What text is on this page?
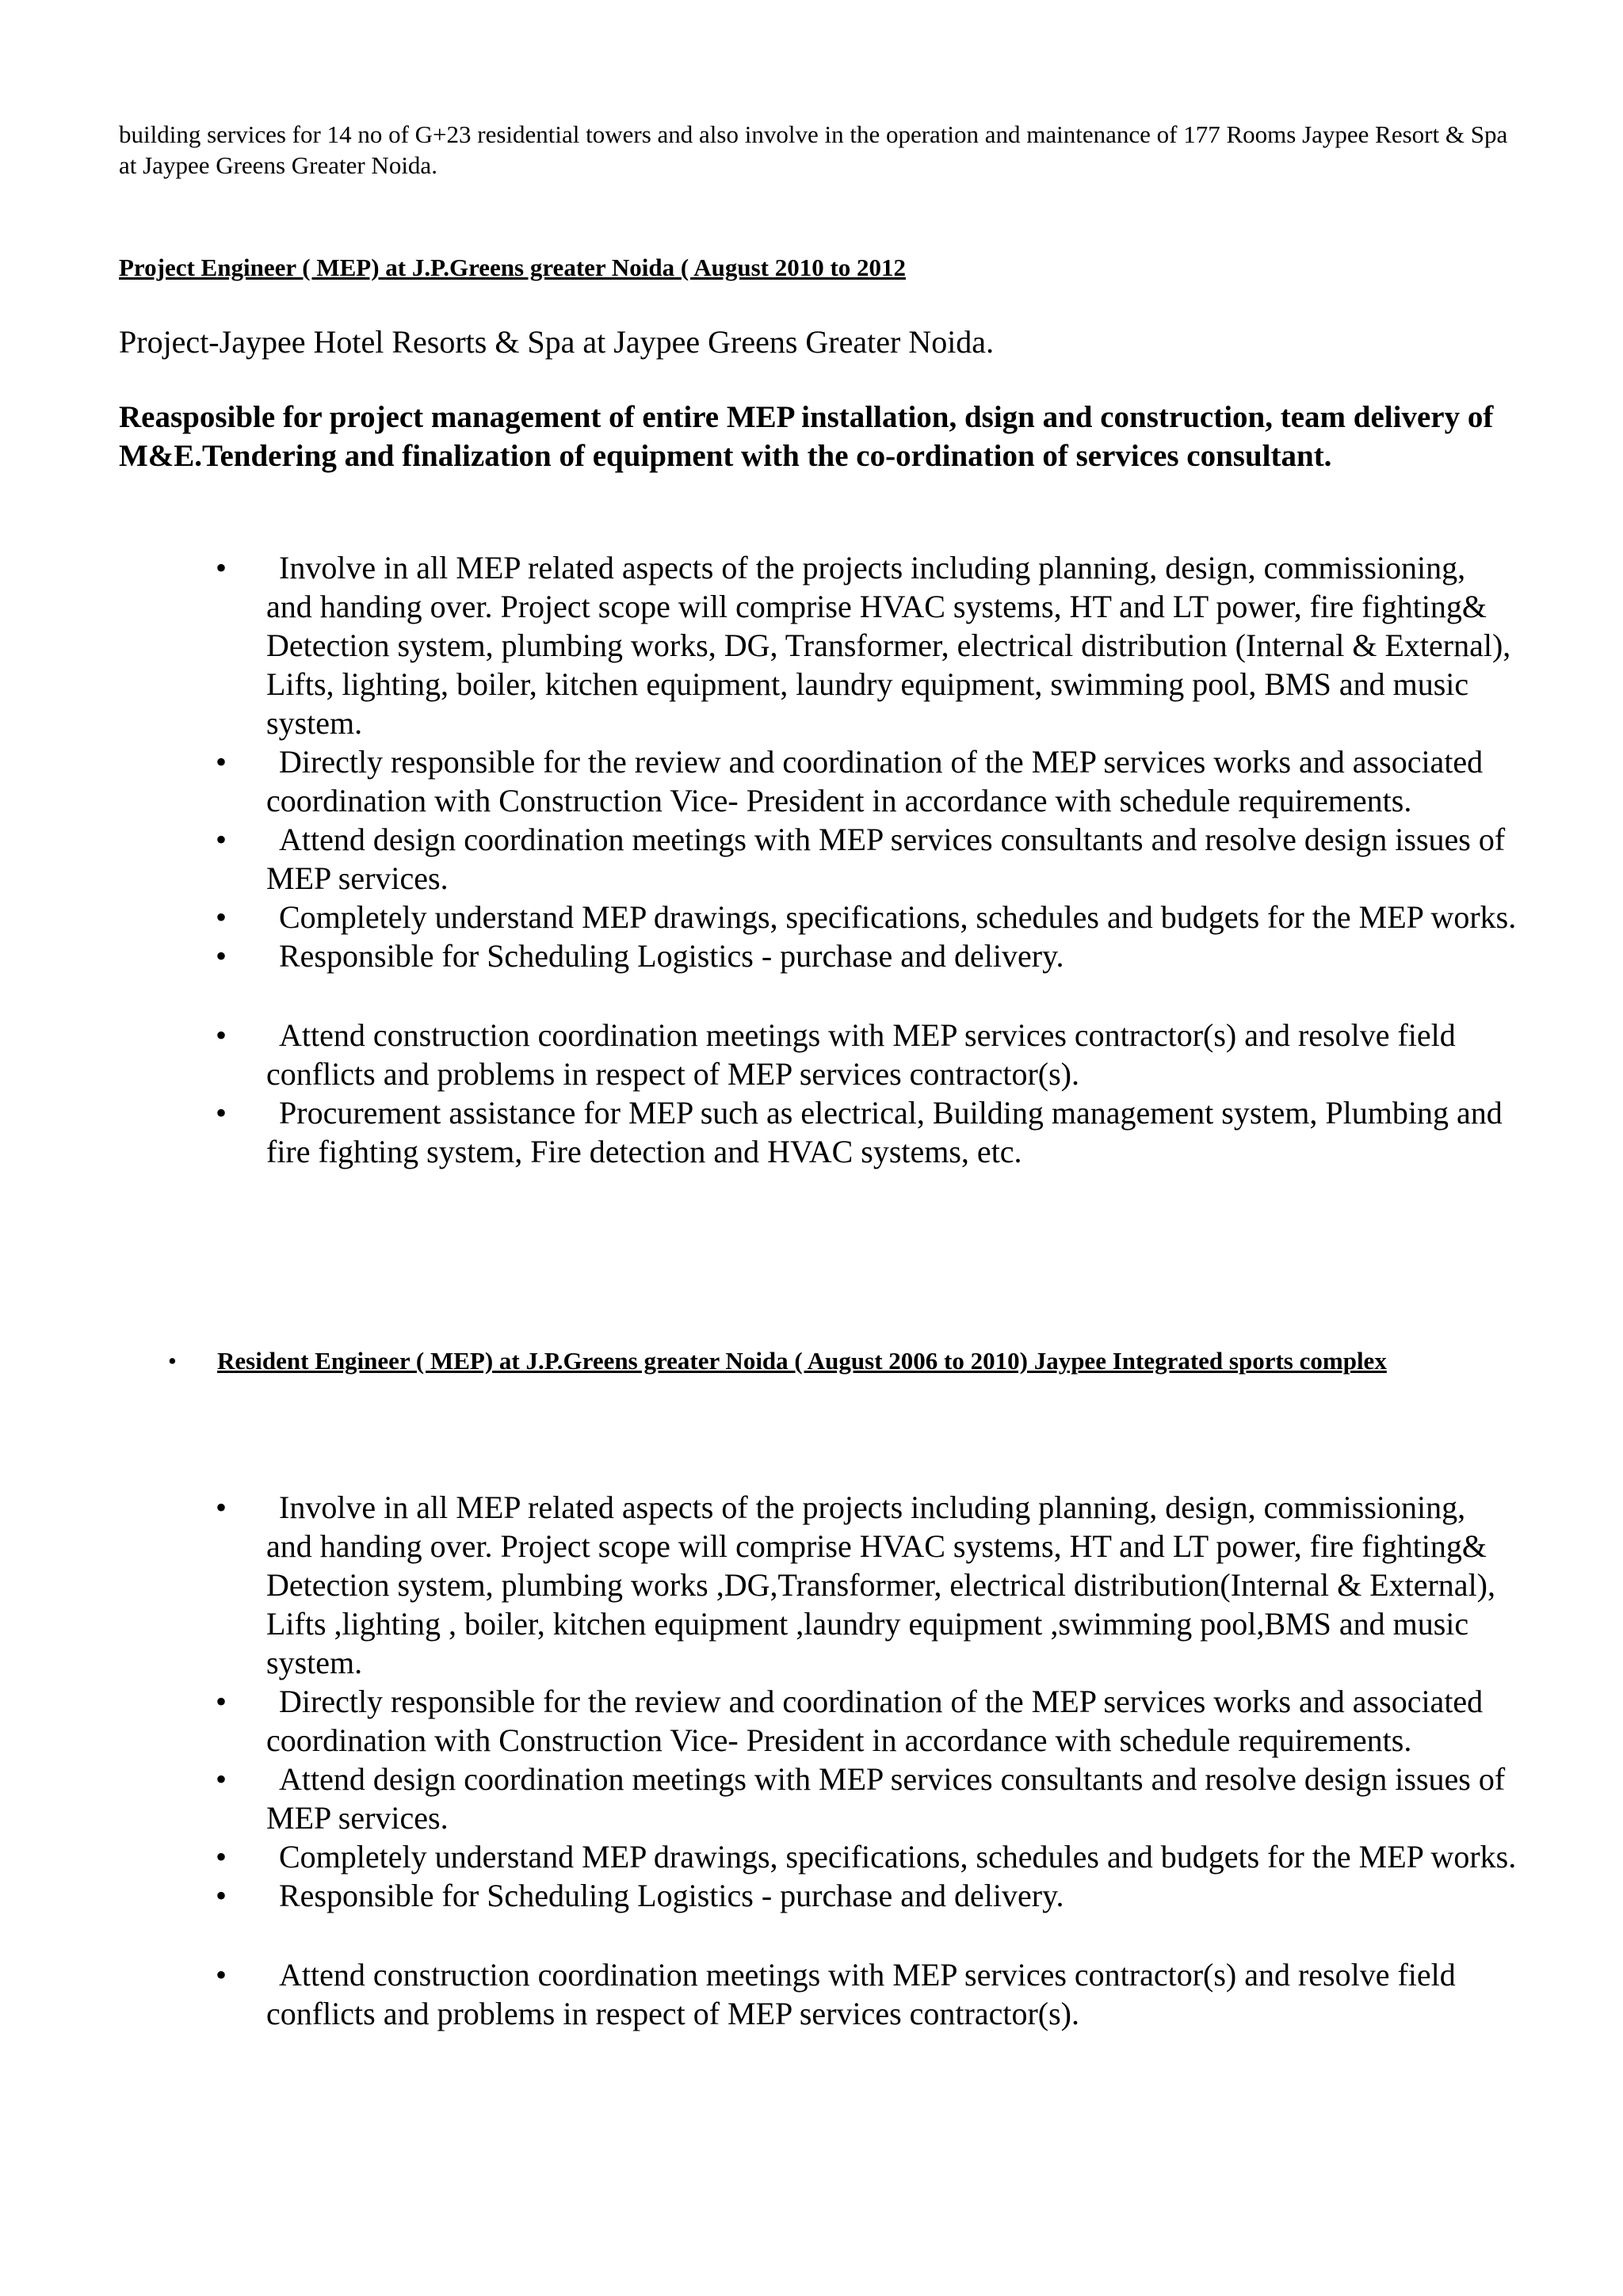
building services for 14 no of G+23 residential towers and also involve in the operation and maintenance of 177 Rooms Jaypee Resort & Spa at Jaypee Greens Greater Noida.
Project Engineer ( MEP) at J.P.Greens greater Noida ( August 2010 to 2012
Project-Jaypee Hotel Resorts & Spa at Jaypee Greens Greater Noida.
Reasposible for project management of entire MEP installation, dsign and construction, team delivery of M&E.Tendering and finalization of equipment with the co-ordination of services consultant.
•	Involve in all MEP related aspects of the projects including planning, design, commissioning, and handing over. Project scope will comprise HVAC systems, HT and LT power, fire fighting& Detection system, plumbing works, DG, Transformer, electrical distribution (Internal & External), Lifts, lighting, boiler, kitchen equipment, laundry equipment, swimming pool, BMS and music system.
•	Directly responsible for the review and coordination of the MEP services works and associated coordination with Construction Vice- President in accordance with schedule requirements.
•	Attend design coordination meetings with MEP services consultants and resolve design issues of MEP services.
•	Completely understand MEP drawings, specifications, schedules and budgets for the MEP works.
•	Responsible for Scheduling Logistics - purchase and delivery.
•	Attend construction coordination meetings with MEP services contractor(s) and resolve field conflicts and problems in respect of MEP services contractor(s).
•	Procurement assistance for MEP such as electrical, Building management system, Plumbing and fire fighting system, Fire detection and HVAC systems, etc.
• Resident Engineer ( MEP) at J.P.Greens greater Noida ( August 2006 to 2010) Jaypee Integrated sports complex
•	Involve in all MEP related aspects of the projects including planning, design, commissioning, and handing over. Project scope will comprise HVAC systems, HT and LT power, fire fighting& Detection system, plumbing works ,DG,Transformer, electrical distribution(Internal & External), Lifts ,lighting , boiler, kitchen equipment ,laundry equipment ,swimming pool,BMS and music system.
•	Directly responsible for the review and coordination of the MEP services works and associated coordination with Construction Vice- President in accordance with schedule requirements.
•	Attend design coordination meetings with MEP services consultants and resolve design issues of MEP services.
•	Completely understand MEP drawings, specifications, schedules and budgets for the MEP works.
•	Responsible for Scheduling Logistics - purchase and delivery.
•	Attend construction coordination meetings with MEP services contractor(s) and resolve field conflicts and problems in respect of MEP services contractor(s).
